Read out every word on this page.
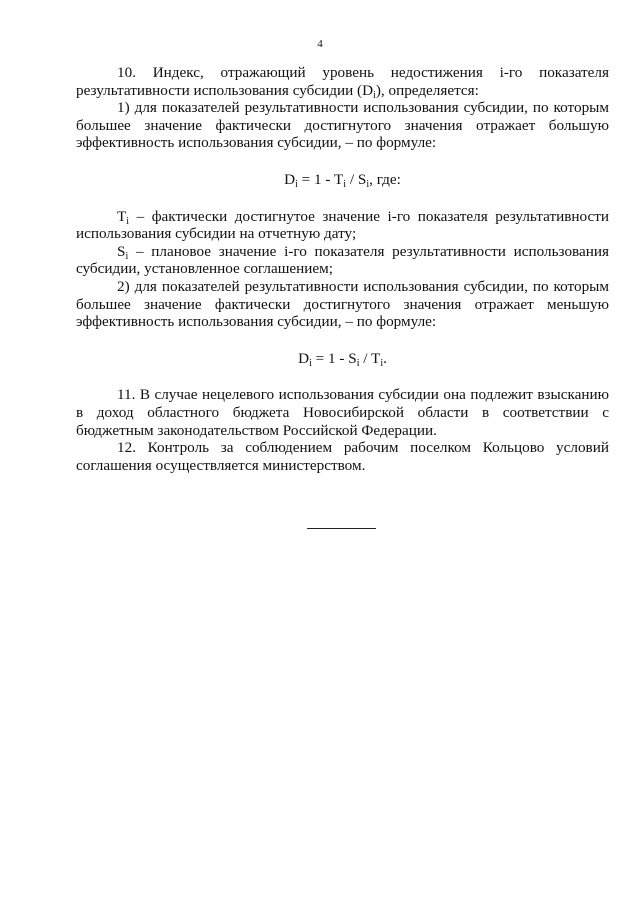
4

10. Индекс, отражающий уровень недостижения i-го показателя результативности использования субсидии $(D_i)$, определяется:

1) для показателей результативности использования субсидии, по которым большее значение фактически достигнутого значения отражает большую эффективность использования субсидии, – по формуле:

$D_i = 1 - T_i / S_i$, где:

$T_i$ – фактически достигнутое значение i-го показателя результативности использования субсидии на отчетную дату;

$S_i$ – плановое значение i-го показателя результативности использования субсидии, установленное соглашением;

2) для показателей результативности использования субсидии, по которым большее значение фактически достигнутого значения отражает меньшую эффективность использования субсидии, – по формуле:

$D_i = 1 - S_i / T_i$.

11. В случае нецелевого использования субсидии она подлежит взысканию в доход областного бюджета Новосибирской области в соответствии с бюджетным законодательством Российской Федерации.

12. Контроль за соблюдением рабочим поселком Кольцово условий соглашения осуществляется министерством.
